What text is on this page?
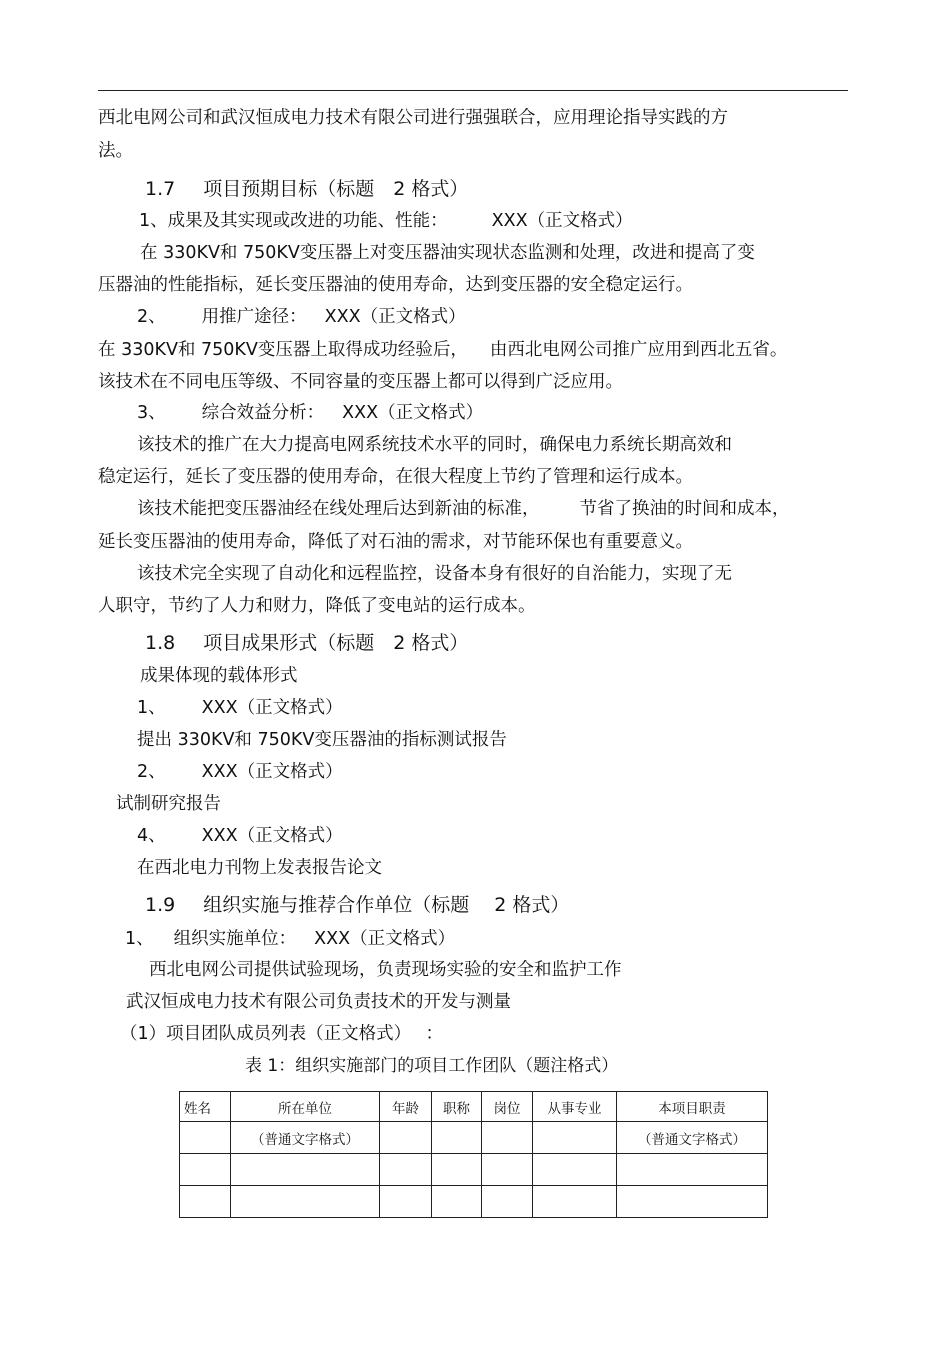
西北电网公司和武汉恒成电力技术有限公司进行强强联合，应用理论指导实践的方
法。
1.7 项目预期目标（标题　2 格式）
1、成果及其实现或改进的功能、性能：	XXX（正文格式）
在 330KV和 750KV变压器上对变压器油实现状态监测和处理，改进和提高了变
压器油的性能指标，延长变压器油的使用寿命，达到变压器的安全稳定运行。
2、 用推广途径： XXX（正文格式）
在 330KV和 750KV变压器上取得成功经验后， 由西北电网公司推广应用到西北五省。
该技术在不同电压等级、不同容量的变压器上都可以得到广泛应用。
3、 综合效益分析： XXX（正文格式）
该技术的推广在大力提高电网系统技术水平的同时，确保电力系统长期高效和
稳定运行，延长了变压器的使用寿命，在很大程度上节约了管理和运行成本。
该技术能把变压器油经在线处理后达到新油的标准， 节省了换油的时间和成本，
延长变压器油的使用寿命，降低了对石油的需求，对节能环保也有重要意义。
该技术完全实现了自动化和远程监控，设备本身有很好的自治能力，实现了无
人职守，节约了人力和财力，降低了变电站的运行成本。
1.8 项目成果形式（标题　2 格式）
成果体现的载体形式
1、 XXX（正文格式）
提出 330KV和 750KV变压器油的指标测试报告
2、 XXX（正文格式）
试制研究报告
4、 XXX（正文格式）
在西北电力刊物上发表报告论文
1.9 组织实施与推荐合作单位（标题　 2 格式）
1、 组织实施单位： XXX（正文格式）
西北电网公司提供试验现场，负责现场实验的安全和监护工作
武汉恒成电力技术有限公司负责技术的开发与测量
（1）项目团队成员列表（正文格式）　 ：
表 1：组织实施部门的项目工作团队（题注格式）
姓名	所在单位	年龄	职称	岗位	从事专业	本项目职责
	（普通文字格式）					（普通文字格式）
